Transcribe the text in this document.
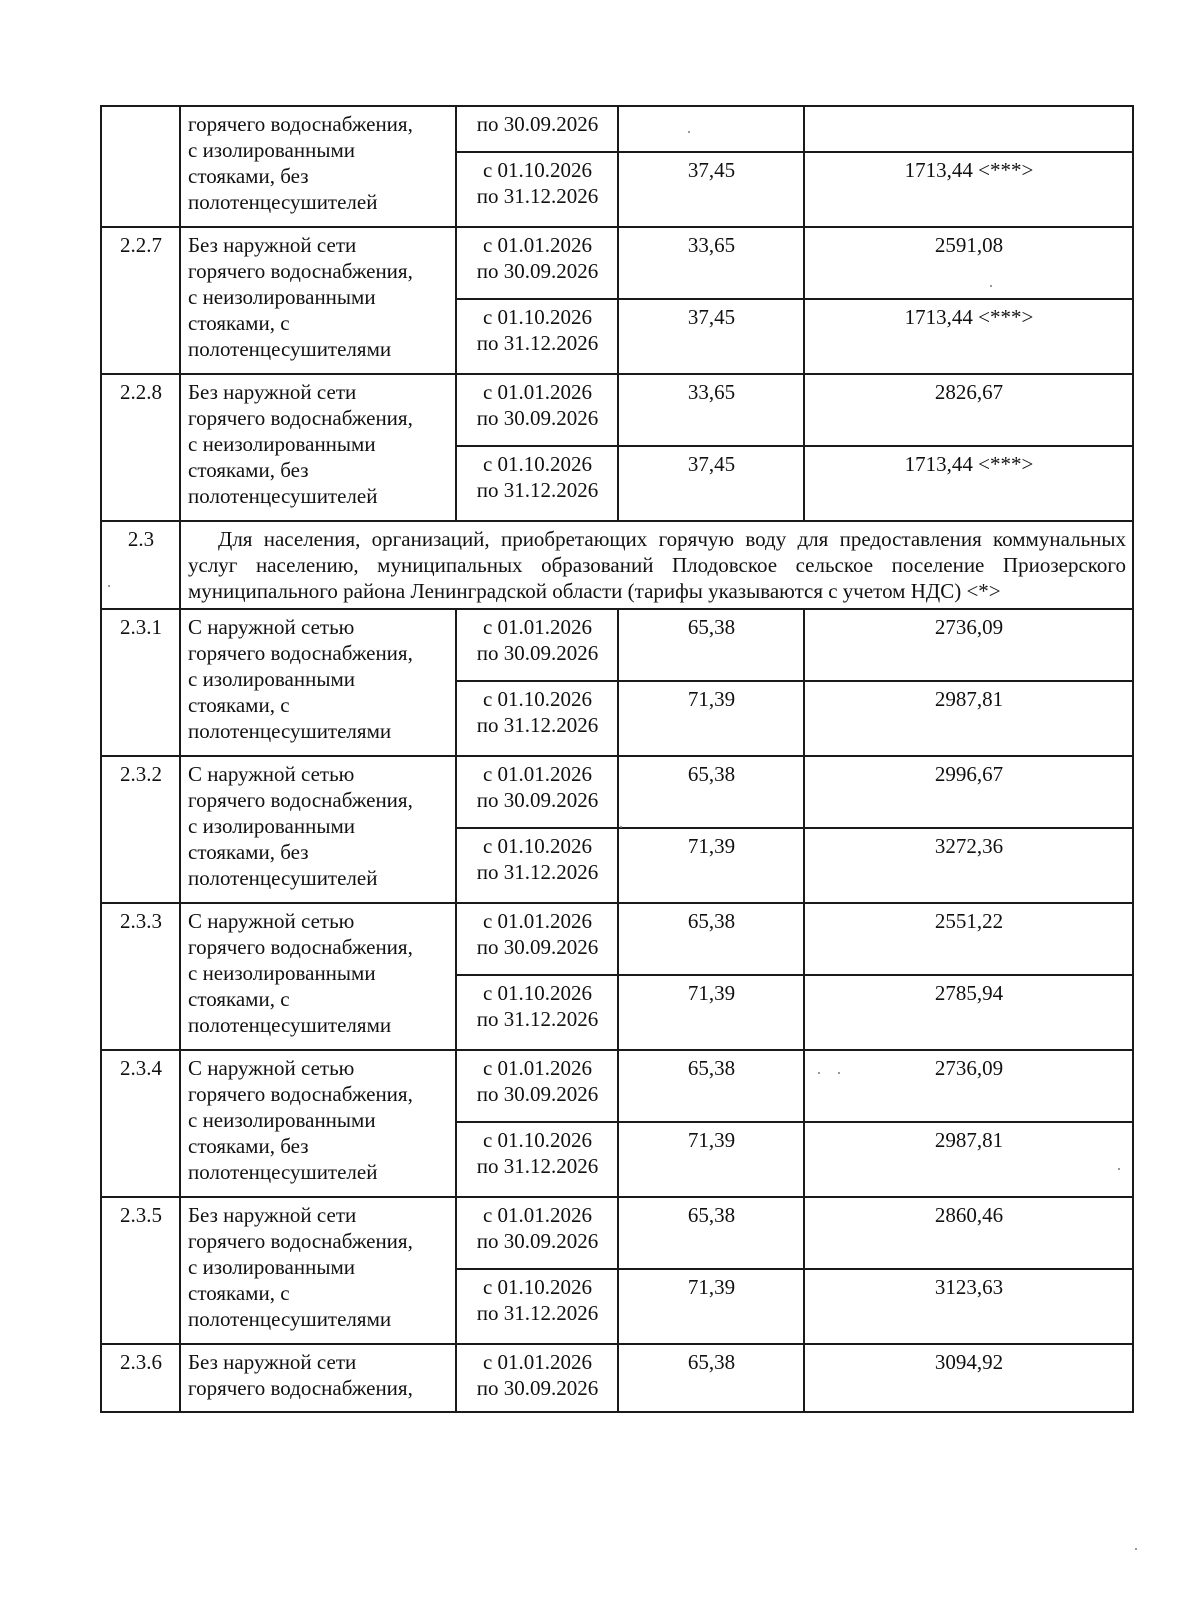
	горячего водоснабжения,
с изолированными
стояками, без
полотенцесушителей	по 30.09.2026		

		с 01.10.2026
по 31.12.2026	37,45	1713,44 <***>

2.2.7	Без наружной сети
горячего водоснабжения,
с неизолированными
стояками, с
полотенцесушителями	с 01.01.2026
по 30.09.2026	33,65	2591,08

		с 01.10.2026
по 31.12.2026	37,45	1713,44 <***>

2.2.8	Без наружной сети
горячего водоснабжения,
с неизолированными
стояками, без
полотенцесушителей	с 01.01.2026
по 30.09.2026	33,65	2826,67

		с 01.10.2026
по 31.12.2026	37,45	1713,44 <***>

2.3	Для населения, организаций, приобретающих горячую воду для предоставления коммунальных услуг населению, муниципальных образований Плодовское сельское поселение Приозерского муниципального района Ленинградской области (тарифы указываются с учетом НДС) <*>			

2.3.1	С наружной сетью
горячего водоснабжения,
с изолированными
стояками, с
полотенцесушителями	с 01.01.2026
по 30.09.2026	65,38	2736,09

		с 01.10.2026
по 31.12.2026	71,39	2987,81

2.3.2	С наружной сетью
горячего водоснабжения,
с изолированными
стояками, без
полотенцесушителей	с 01.01.2026
по 30.09.2026	65,38	2996,67

		с 01.10.2026
по 31.12.2026	71,39	3272,36

2.3.3	С наружной сетью
горячего водоснабжения,
с неизолированными
стояками, с
полотенцесушителями	с 01.01.2026
по 30.09.2026	65,38	2551,22

		с 01.10.2026
по 31.12.2026	71,39	2785,94

2.3.4	С наружной сетью
горячего водоснабжения,
с неизолированными
стояками, без
полотенцесушителей	с 01.01.2026
по 30.09.2026	65,38	2736,09

		с 01.10.2026
по 31.12.2026	71,39	2987,81

2.3.5	Без наружной сети
горячего водоснабжения,
с изолированными
стояками, с
полотенцесушителями	с 01.01.2026
по 30.09.2026	65,38	2860,46

		с 01.10.2026
по 31.12.2026	71,39	3123,63

2.3.6	Без наружной сети
горячего водоснабжения,	с 01.01.2026
по 30.09.2026	65,38	3094,92
